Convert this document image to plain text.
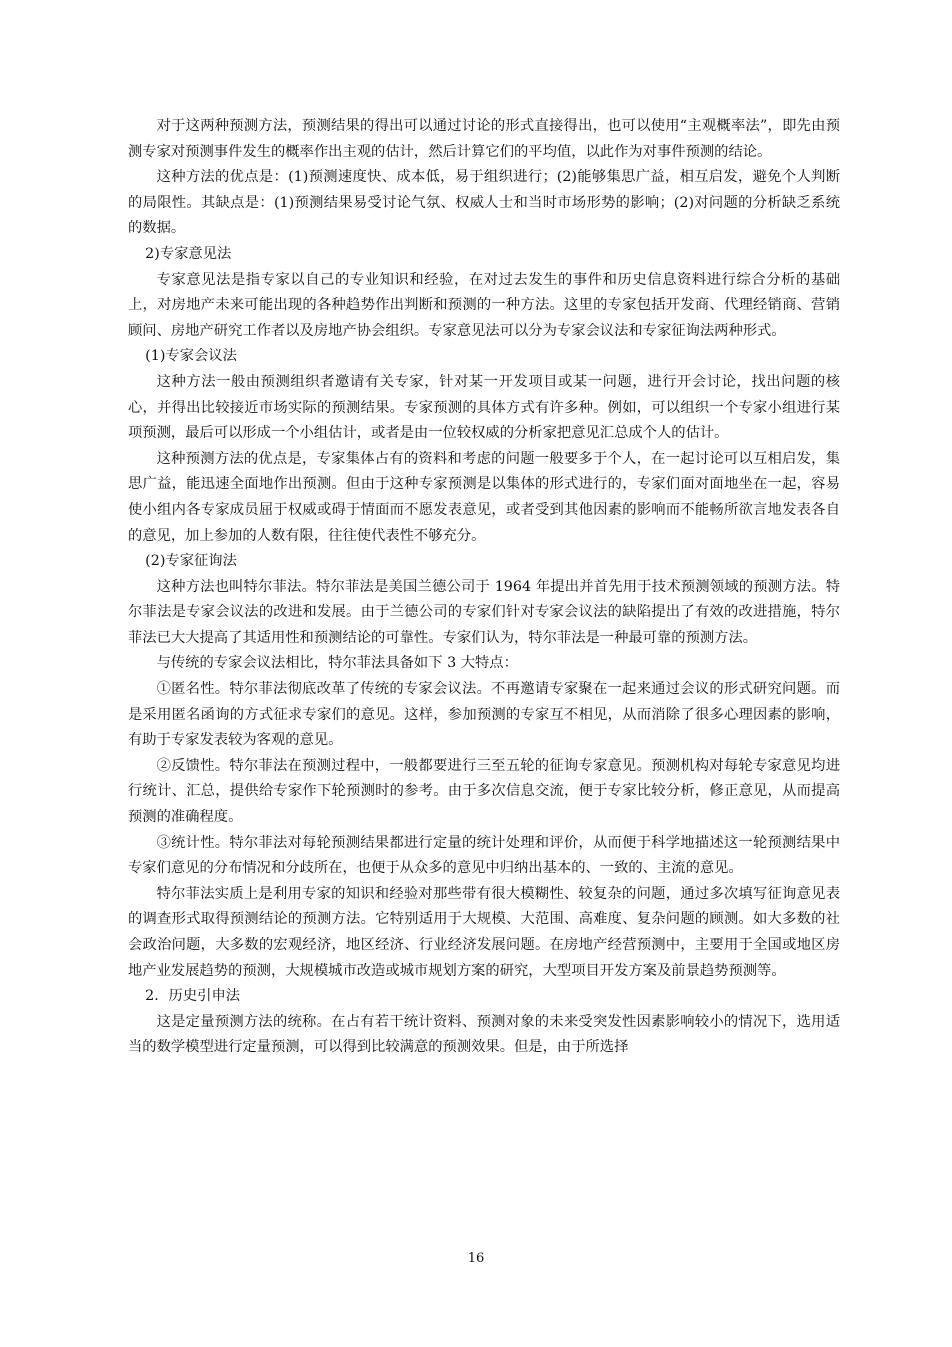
对于这两种预测方法，预测结果的得出可以通过讨论的形式直接得出，也可以使用“主观概率法”，即先由预测专家对预测事件发生的概率作出主观的估计，然后计算它们的平均值，以此作为对事件预测的结论。

这种方法的优点是：(1)预测速度快、成本低，易于组织进行；(2)能够集思广益，相互启发，避免个人判断的局限性。其缺点是：(1)预测结果易受讨论气氛、权威人士和当时市场形势的影响；(2)对问题的分析缺乏系统的数据。

2)专家意见法

专家意见法是指专家以自己的专业知识和经验，在对过去发生的事件和历史信息资料进行综合分析的基础上，对房地产未来可能出现的各种趋势作出判断和预测的一种方法。这里的专家包括开发商、代理经销商、营销顾问、房地产研究工作者以及房地产协会组织。专家意见法可以分为专家会议法和专家征询法两种形式。

(1)专家会议法

这种方法一般由预测组织者邀请有关专家，针对某一开发项目或某一问题，进行开会讨论，找出问题的核心，并得出比较接近市场实际的预测结果。专家预测的具体方式有许多种。例如，可以组织一个专家小组进行某项预测，最后可以形成一个小组估计，或者是由一位较权威的分析家把意见汇总成个人的估计。

这种预测方法的优点是，专家集体占有的资料和考虑的问题一般要多于个人，在一起讨论可以互相启发，集思广益，能迅速全面地作出预测。但由于这种专家预测是以集体的形式进行的，专家们面对面地坐在一起，容易使小组内各专家成员屈于权威或碍于情面而不愿发表意见，或者受到其他因素的影响而不能畅所欲言地发表各自的意见，加上参加的人数有限，往往使代表性不够充分。

(2)专家征询法

这种方法也叫特尔菲法。特尔菲法是美国兰德公司于 1964 年提出并首先用于技术预测领域的预测方法。特尔菲法是专家会议法的改进和发展。由于兰德公司的专家们针对专家会议法的缺陷提出了有效的改进措施，特尔菲法已大大提高了其适用性和预测结论的可靠性。专家们认为，特尔菲法是一种最可靠的预测方法。

与传统的专家会议法相比，特尔菲法具备如下 3 大特点：

①匿名性。特尔菲法彻底改革了传统的专家会议法。不再邀请专家聚在一起来通过会议的形式研究问题。而是采用匿名函询的方式征求专家们的意见。这样，参加预测的专家互不相见，从而消除了很多心理因素的影响，有助于专家发表较为客观的意见。

②反馈性。特尔菲法在预测过程中，一般都要进行三至五轮的征询专家意见。预测机构对每轮专家意见均进行统计、汇总，提供给专家作下轮预测时的参考。由于多次信息交流，便于专家比较分析，修正意见，从而提高预测的准确程度。

③统计性。特尔菲法对每轮预测结果都进行定量的统计处理和评价，从而便于科学地描述这一轮预测结果中专家们意见的分布情况和分歧所在，也便于从众多的意见中归纳出基本的、一致的、主流的意见。

特尔菲法实质上是利用专家的知识和经验对那些带有很大模糊性、较复杂的问题，通过多次填写征询意见表的调查形式取得预测结论的预测方法。它特别适用于大规模、大范围、高难度、复杂问题的顾测。如大多数的社会政治问题，大多数的宏观经济，地区经济、行业经济发展问题。在房地产经营预测中，主要用于全国或地区房地产业发展趋势的预测，大规模城市改造或城市规划方案的研究，大型项目开发方案及前景趋势预测等。

2．历史引申法

这是定量预测方法的统称。在占有若干统计资料、预测对象的未来受突发性因素影响较小的情况下，选用适当的数学模型进行定量预测，可以得到比较满意的预测效果。但是，由于所选择

16
